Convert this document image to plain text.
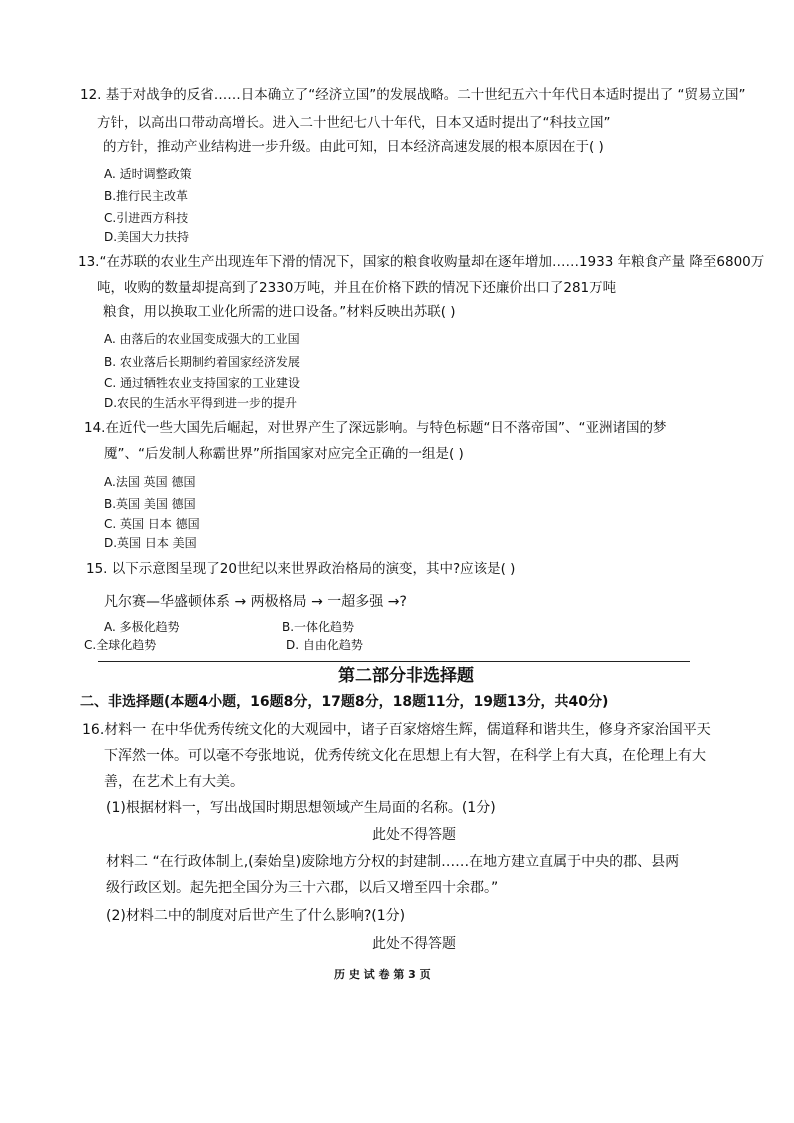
12. 基于对战争的反省……日本确立了“经济立国”的发展战略。二十世纪五六十年代日本适时提出了 “贸易立国”
方针，以高出口带动高增长。进入二十世纪七八十年代，日本又适时提出了“科技立国”
的方针，推动产业结构进一步升级。由此可知，日本经济高速发展的根本原因在于( )
A. 适时调整政策
B.推行民主改革
C.引进西方科技
D.美国大力扶持
13.“在苏联的农业生产出现连年下滑的情况下，国家的粮食收购量却在逐年增加……1933 年粮食产量 降至6800万
吨，收购的数量却提高到了2330万吨，并且在价格下跌的情况下还廉价出口了281万吨
粮食，用以换取工业化所需的进口设备。”材料反映出苏联( )
A. 由落后的农业国变成强大的工业国
B. 农业落后长期制约着国家经济发展
C. 通过牺牲农业支持国家的工业建设
D.农民的生活水平得到进一步的提升
14.在近代一些大国先后崛起，对世界产生了深远影响。与特色标题“日不落帝国”、“亚洲诸国的梦
魇”、“后发制人称霸世界”所指国家对应完全正确的一组是( )
A.法国 英国 德国
B.英国 美国 德国
C. 英国 日本 德国
D.英国 日本 美国
15. 以下示意图呈现了20世纪以来世界政治格局的演变，其中?应该是( )
凡尔赛—华盛顿体系 → 两极格局 → 一超多强 →?
A. 多极化趋势	B.一体化趋势
C.全球化趋势	D. 自由化趋势
第二部分非选择题
二、非选择题(本题4小题，16题8分，17题8分，18题11分，19题13分，共40分)
16.材料一 在中华优秀传统文化的大观园中，诸子百家熔熔生辉，儒道释和谐共生，修身齐家治国平天
下浑然一体。可以毫不夸张地说，优秀传统文化在思想上有大智，在科学上有大真，在伦理上有大
善，在艺术上有大美。
(1)根据材料一，写出战国时期思想领域产生局面的名称。(1分)
此处不得答题
材料二 “在行政体制上,(秦始皇)废除地方分权的封建制……在地方建立直属于中央的郡、县两
级行政区划。起先把全国分为三十六郡，以后又增至四十余郡。”
(2)材料二中的制度对后世产生了什么影响?(1分)
此处不得答题
历 史 试 卷 第 3 页
